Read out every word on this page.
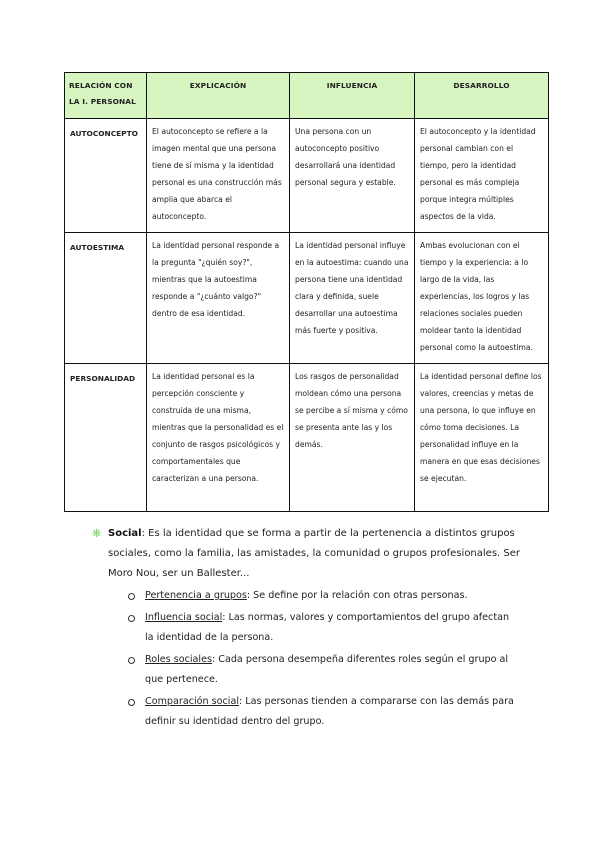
RELACIÓN CON
LA I. PERSONAL	EXPLICACIÓN	INFLUENCIA	DESARROLLO
AUTOCONCEPTO	El autoconcepto se refiere a la imagen mental que una persona tiene de sí misma y la identidad personal es una construcción más amplia que abarca el autoconcepto.	Una persona con un autoconcepto positivo desarrollará una identidad personal segura y estable.	El autoconcepto y la identidad personal cambian con el tiempo, pero la identidad personal es más compleja porque integra múltiples aspectos de la vida.
AUTOESTIMA	La identidad personal responde a la pregunta "¿quién soy?", mientras que la autoestima responde a "¿cuánto valgo?" dentro de esa identidad.	La identidad personal influye en la autoestima: cuando una persona tiene una identidad clara y definida, suele desarrollar una autoestima más fuerte y positiva.	Ambas evolucionan con el tiempo y la experiencia: a lo largo de la vida, las experiencias, los logros y las relaciones sociales pueden moldear tanto la identidad personal como la autoestima.
PERSONALIDAD	La identidad personal es la percepción consciente y construida de una misma, mientras que la personalidad es el conjunto de rasgos psicológicos y comportamentales que caracterizan a una persona.	Los rasgos de personalidad moldean cómo una persona se percibe a sí misma y cómo se presenta ante las y los demás.	La identidad personal define los valores, creencias y metas de una persona, lo que influye en cómo toma decisiones. La personalidad influye en la manera en que esas decisiones se ejecutan.
❋ Social: Es la identidad que se forma a partir de la pertenencia a distintos grupos sociales, como la familia, las amistades, la comunidad o grupos profesionales. Ser Moro Nou, ser un Ballester...

Pertenencia a grupos: Se define por la relación con otras personas.
Influencia social: Las normas, valores y comportamientos del grupo afectan la identidad de la persona.
Roles sociales: Cada persona desempeña diferentes roles según el grupo al que pertenece.
Comparación social: Las personas tienden a compararse con las demás para definir su identidad dentro del grupo.
